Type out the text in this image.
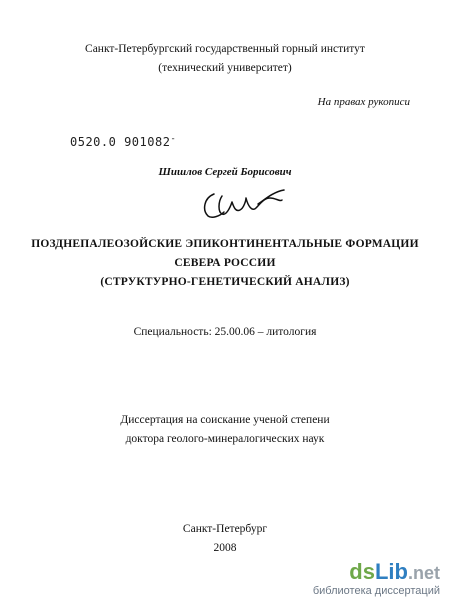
Санкт-Петербургский государственный горный институт
(технический университет)
На правах рукописи
0520.0 901082-
Шишлов Сергей Борисович
ПОЗДНЕПАЛЕОЗОЙСКИЕ ЭПИКОНТИНЕНТАЛЬНЫЕ ФОРМАЦИИ
СЕВЕРА РОССИИ
(СТРУКТУРНО-ГЕНЕТИЧЕСКИЙ АНАЛИЗ)
Специальность: 25.00.06 – литология
Диссертация на соискание ученой степени
доктора геолого-минералогических наук
Санкт-Петербург
2008
dsLib.net
библиотека диссертаций
